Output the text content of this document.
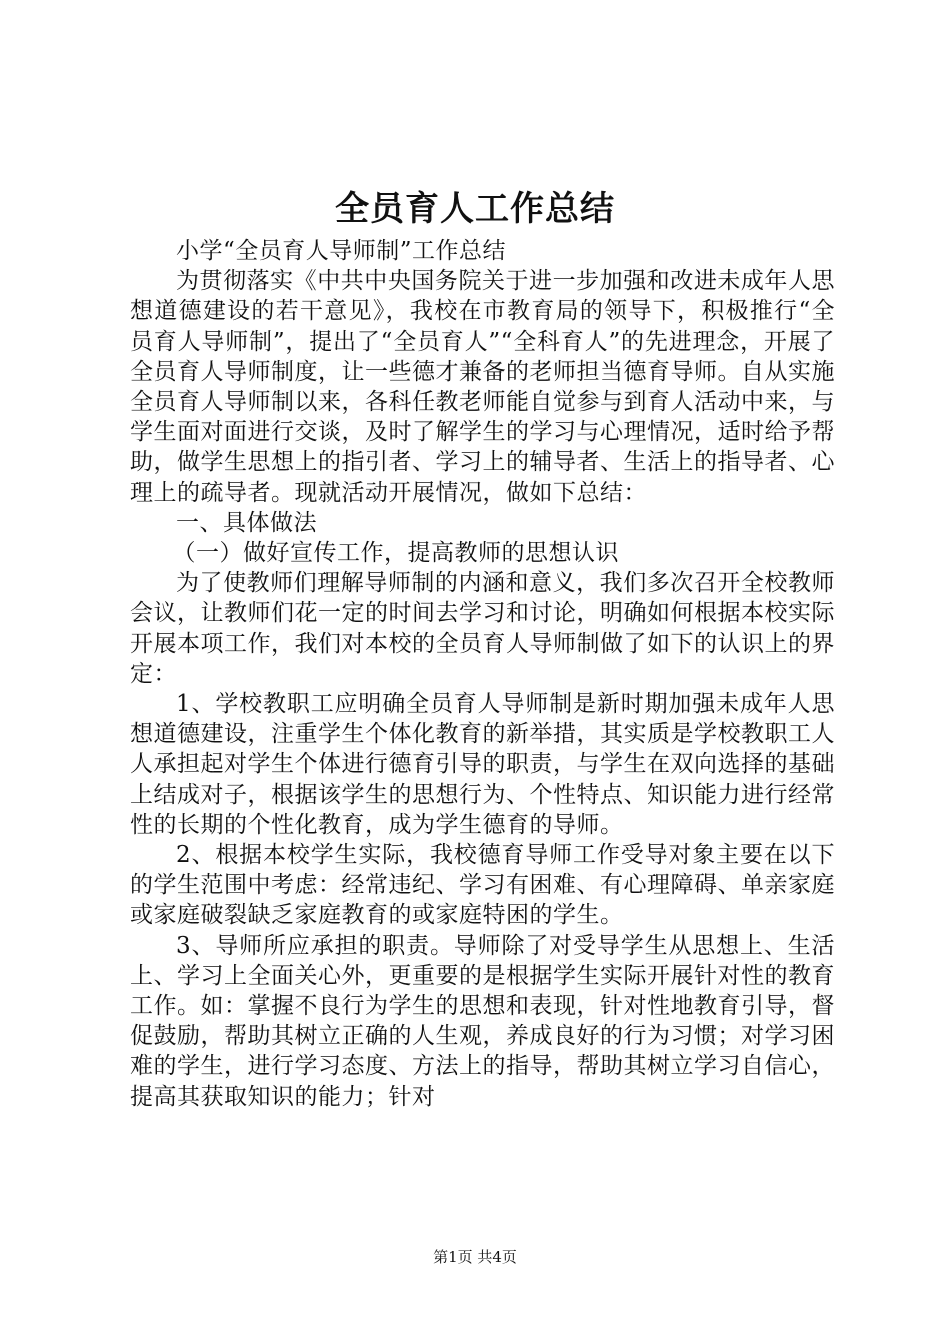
全员育人工作总结

小学“全员育人导师制”工作总结

为贯彻落实《中共中央国务院关于进一步加强和改进未成年人思想道德建设的若干意见》，我校在市教育局的领导下，积极推行“全员育人导师制”，提出了“全员育人”“全科育人”的先进理念，开展了全员育人导师制度，让一些德才兼备的老师担当德育导师。自从实施全员育人导师制以来，各科任教老师能自觉参与到育人活动中来，与学生面对面进行交谈，及时了解学生的学习与心理情况，适时给予帮助，做学生思想上的指引者、学习上的辅导者、生活上的指导者、心理上的疏导者。现就活动开展情况，做如下总结：

一、具体做法

（一）做好宣传工作，提高教师的思想认识

为了使教师们理解导师制的内涵和意义，我们多次召开全校教师会议，让教师们花一定的时间去学习和讨论，明确如何根据本校实际开展本项工作，我们对本校的全员育人导师制做了如下的认识上的界定：

1、学校教职工应明确全员育人导师制是新时期加强未成年人思想道德建设，注重学生个体化教育的新举措，其实质是学校教职工人人承担起对学生个体进行德育引导的职责，与学生在双向选择的基础上结成对子，根据该学生的思想行为、个性特点、知识能力进行经常性的长期的个性化教育，成为学生德育的导师。

2、根据本校学生实际，我校德育导师工作受导对象主要在以下的学生范围中考虑：经常违纪、学习有困难、有心理障碍、单亲家庭或家庭破裂缺乏家庭教育的或家庭特困的学生。

3、导师所应承担的职责。导师除了对受导学生从思想上、生活上、学习上全面关心外，更重要的是根据学生实际开展针对性的教育工作。如：掌握不良行为学生的思想和表现，针对性地教育引导，督促鼓励，帮助其树立正确的人生观，养成良好的行为习惯；对学习困难的学生，进行学习态度、方法上的指导，帮助其树立学习自信心，提高其获取知识的能力；针对

第1页 共4页
